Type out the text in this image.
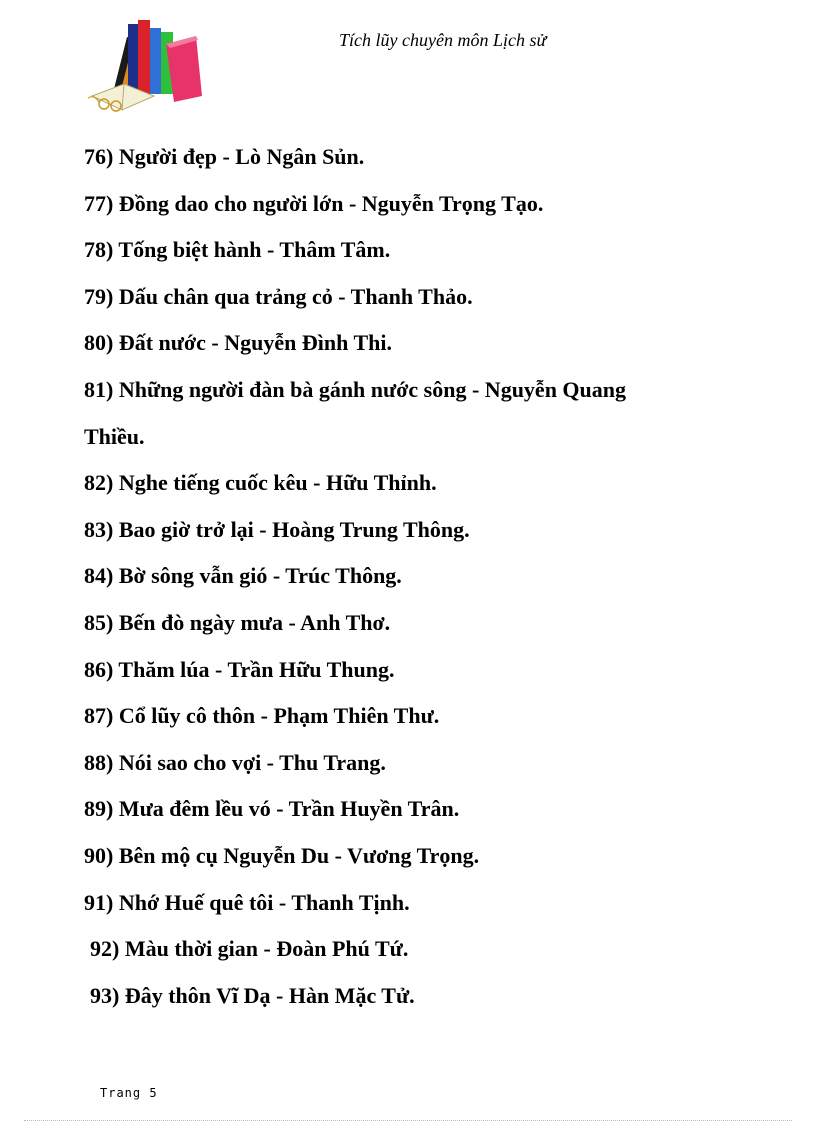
Tích lũy chuyên môn Lịch sử
76) Người đẹp - Lò Ngân Sủn.
77) Đồng dao cho người lớn - Nguyễn Trọng Tạo.
78) Tống biệt hành - Thâm Tâm.
79) Dấu chân qua trảng cỏ - Thanh Thảo.
80) Đất nước - Nguyễn Đình Thi.
81) Những người đàn bà gánh nước sông - Nguyễn Quang
Thiều.
82) Nghe tiếng cuốc kêu - Hữu Thỉnh.
83) Bao giờ trở lại - Hoàng Trung Thông.
84) Bờ sông vẫn gió - Trúc Thông.
85) Bến đò ngày mưa - Anh Thơ.
86) Thăm lúa - Trần Hữu Thung.
87) Cổ lũy cô thôn - Phạm Thiên Thư.
88) Nói sao cho vợi - Thu Trang.
89) Mưa đêm lều vó - Trần Huyền Trân.
90) Bên mộ cụ Nguyễn Du - Vương Trọng.
91) Nhớ Huế quê tôi - Thanh Tịnh.
92) Màu thời gian - Đoàn Phú Tứ.
93) Đây thôn Vĩ Dạ - Hàn Mặc Tử.
Trang 5
